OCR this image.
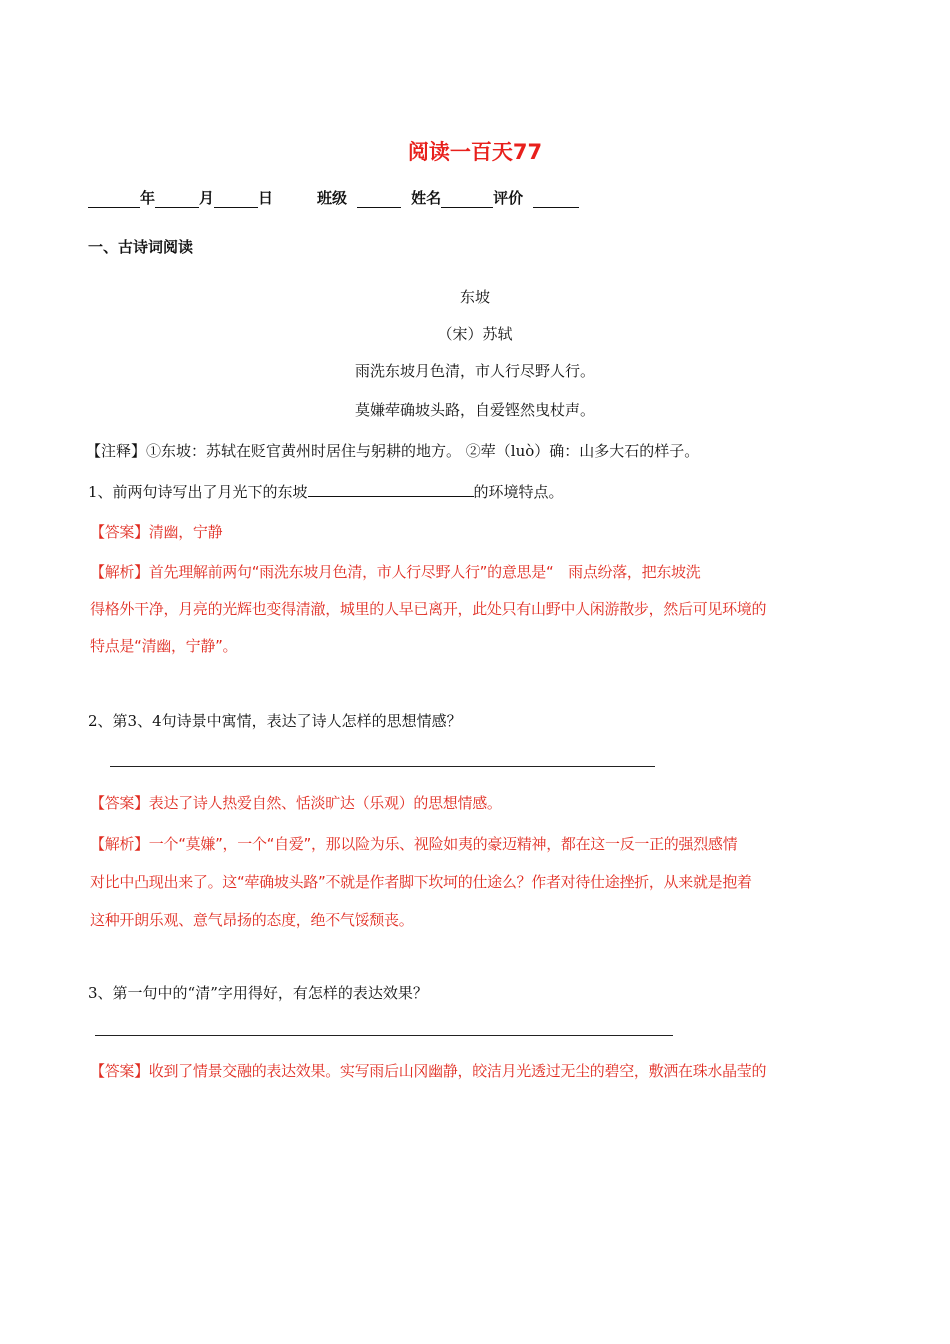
阅读一百天77
年	月	日	班级	姓名	评价
一、古诗词阅读
东坡
（宋）苏轼
雨洗东坡月色清，市人行尽野人行。
莫嫌荦确坡头路，自爱铿然曳杖声。
【注释】①东坡：苏轼在贬官黄州时居住与躬耕的地方。 ②荦（luò）确：山多大石的样子。
1、前两句诗写出了月光下的东坡	的环境特点。
【答案】清幽，宁静
【解析】首先理解前两句“雨洗东坡月色清，市人行尽野人行”的意思是“　雨点纷落，把东坡洗
得格外干净，月亮的光辉也变得清澈，城里的人早已离开，此处只有山野中人闲游散步，然后可见环境的
特点是“清幽，宁静”。
2、第3、4句诗景中寓情，表达了诗人怎样的思想情感？
【答案】表达了诗人热爱自然、恬淡旷达（乐观）的思想情感。
【解析】一个“莫嫌”，一个“自爱”，那以险为乐、视险如夷的豪迈精神，都在这一反一正的强烈感情
对比中凸现出来了。这“荦确坡头路”不就是作者脚下坎坷的仕途么？作者对待仕途挫折，从来就是抱着
这种开朗乐观、意气昂扬的态度，绝不气馁颓丧。
3、第一句中的“清”字用得好，有怎样的表达效果？
【答案】收到了情景交融的表达效果。实写雨后山冈幽静，皎洁月光透过无尘的碧空，敷洒在珠水晶莹的
